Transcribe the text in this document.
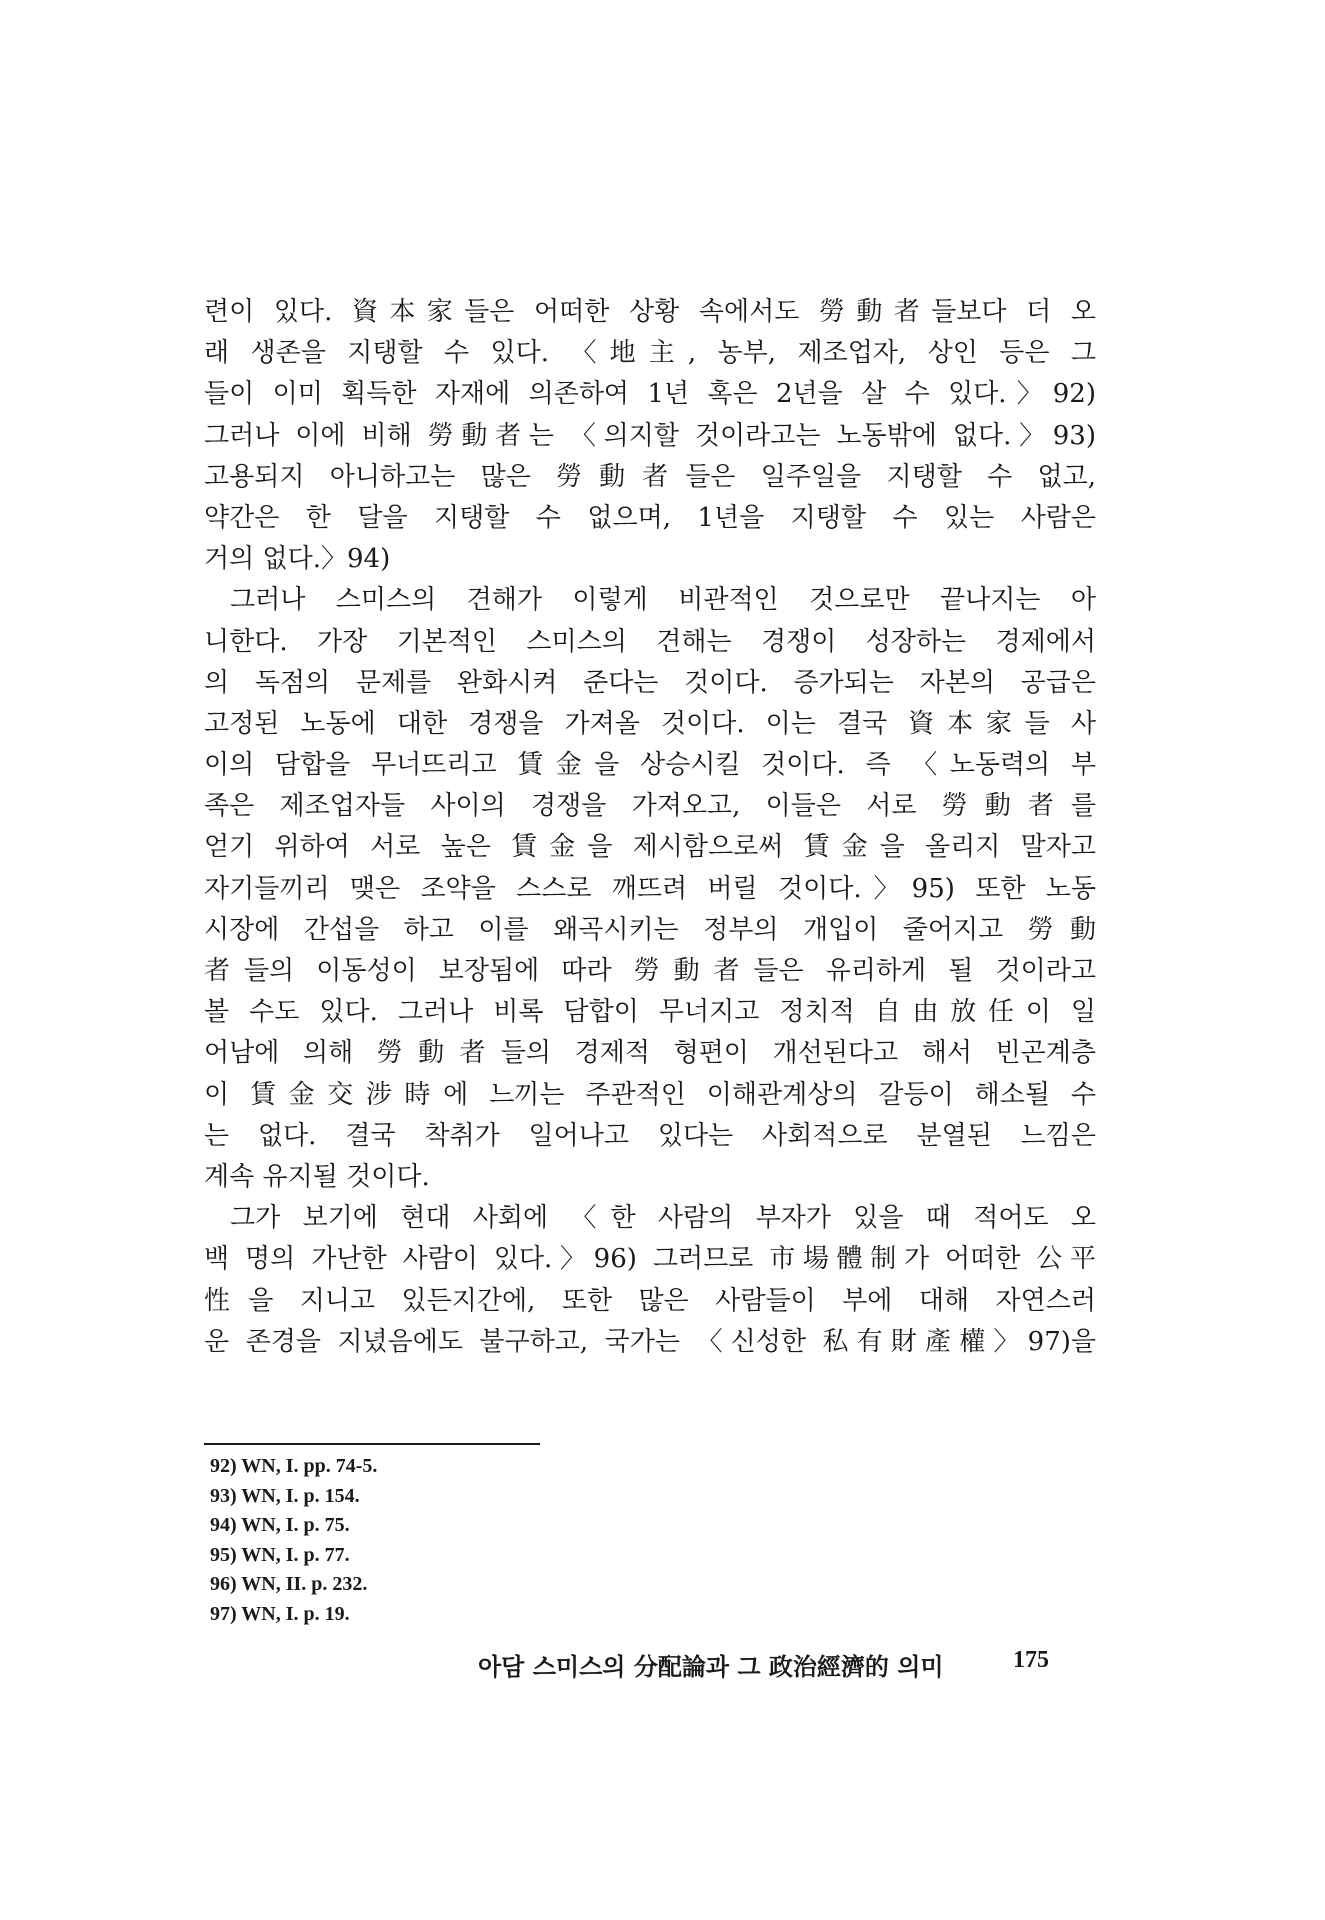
련이 있다. 資本家들은 어떠한 상황 속에서도 勞動者들보다 더 오
래 생존을 지탱할 수 있다. 〈地主, 농부, 제조업자, 상인 등은 그
들이 이미 획득한 자재에 의존하여 1년 혹은 2년을 살 수 있다.〉92)
그러나 이에 비해 勞動者는 〈의지할 것이라고는 노동밖에 없다.〉93)
고용되지 아니하고는 많은 勞動者들은 일주일을 지탱할 수 없고,
약간은 한 달을 지탱할 수 없으며, 1년을 지탱할 수 있는 사람은
거의 없다.〉94)
그러나 스미스의 견해가 이렇게 비관적인 것으로만 끝나지는 아
니한다. 가장 기본적인 스미스의 견해는 경쟁이 성장하는 경제에서
의 독점의 문제를 완화시켜 준다는 것이다. 증가되는 자본의 공급은
고정된 노동에 대한 경쟁을 가져올 것이다. 이는 결국 資本家들 사
이의 담합을 무너뜨리고 賃金을 상승시킬 것이다. 즉 〈노동력의 부
족은 제조업자들 사이의 경쟁을 가져오고, 이들은 서로 勞動者를
얻기 위하여 서로 높은 賃金을 제시함으로써 賃金을 올리지 말자고
자기들끼리 맺은 조약을 스스로 깨뜨려 버릴 것이다.〉95) 또한 노동
시장에 간섭을 하고 이를 왜곡시키는 정부의 개입이 줄어지고 勞動
者들의 이동성이 보장됨에 따라 勞動者들은 유리하게 될 것이라고
볼 수도 있다. 그러나 비록 담합이 무너지고 정치적 自由放任이 일
어남에 의해 勞動者들의 경제적 형편이 개선된다고 해서 빈곤계층
이 賃金交涉時에 느끼는 주관적인 이해관계상의 갈등이 해소될 수
는 없다. 결국 착취가 일어나고 있다는 사회적으로 분열된 느낌은
계속 유지될 것이다.
그가 보기에 현대 사회에 〈한 사람의 부자가 있을 때 적어도 오
백 명의 가난한 사람이 있다.〉96) 그러므로 市場體制가 어떠한 公平
性을 지니고 있든지간에, 또한 많은 사람들이 부에 대해 자연스러
운 존경을 지녔음에도 불구하고, 국가는 〈신성한 私有財產權〉97)을
92) WN, I. pp. 74-5.
93) WN, I. p. 154.
94) WN, I. p. 75.
95) WN, I. p. 77.
96) WN, II. p. 232.
97) WN, I. p. 19.
아담 스미스의 分配論과 그 政治經濟的 의미	175
